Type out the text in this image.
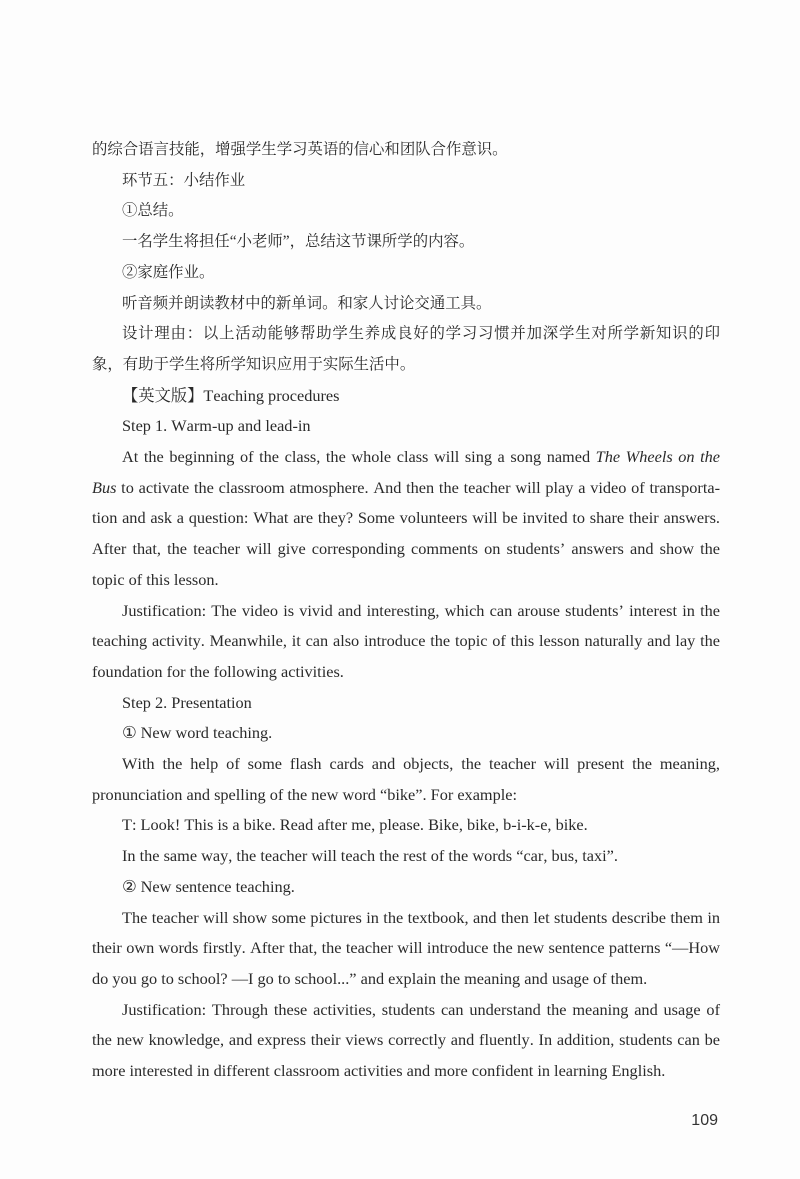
的综合语言技能，增强学生学习英语的信心和团队合作意识。

环节五：小结作业

①总结。

一名学生将担任“小老师”，总结这节课所学的内容。

②家庭作业。

听音频并朗读教材中的新单词。和家人讨论交通工具。

设计理由：以上活动能够帮助学生养成良好的学习习惯并加深学生对所学新知识的印象，有助于学生将所学知识应用于实际生活中。

【英文版】Teaching procedures

Step 1. Warm-up and lead-in

At the beginning of the class, the whole class will sing a song named The Wheels on the Bus to activate the classroom atmosphere. And then the teacher will play a video of transportation and ask a question: What are they? Some volunteers will be invited to share their answers. After that, the teacher will give corresponding comments on students’ answers and show the topic of this lesson.

Justification: The video is vivid and interesting, which can arouse students’ interest in the teaching activity. Meanwhile, it can also introduce the topic of this lesson naturally and lay the foundation for the following activities.

Step 2. Presentation

① New word teaching.

With the help of some flash cards and objects, the teacher will present the meaning, pronunciation and spelling of the new word “bike”. For example:

T: Look! This is a bike. Read after me, please. Bike, bike, b-i-k-e, bike.

In the same way, the teacher will teach the rest of the words “car, bus, taxi”.

② New sentence teaching.

The teacher will show some pictures in the textbook, and then let students describe them in their own words firstly. After that, the teacher will introduce the new sentence patterns “—How do you go to school? —I go to school...” and explain the meaning and usage of them.

Justification: Through these activities, students can understand the meaning and usage of the new knowledge, and express their views correctly and fluently. In addition, students can be more interested in different classroom activities and more confident in learning English.

109
